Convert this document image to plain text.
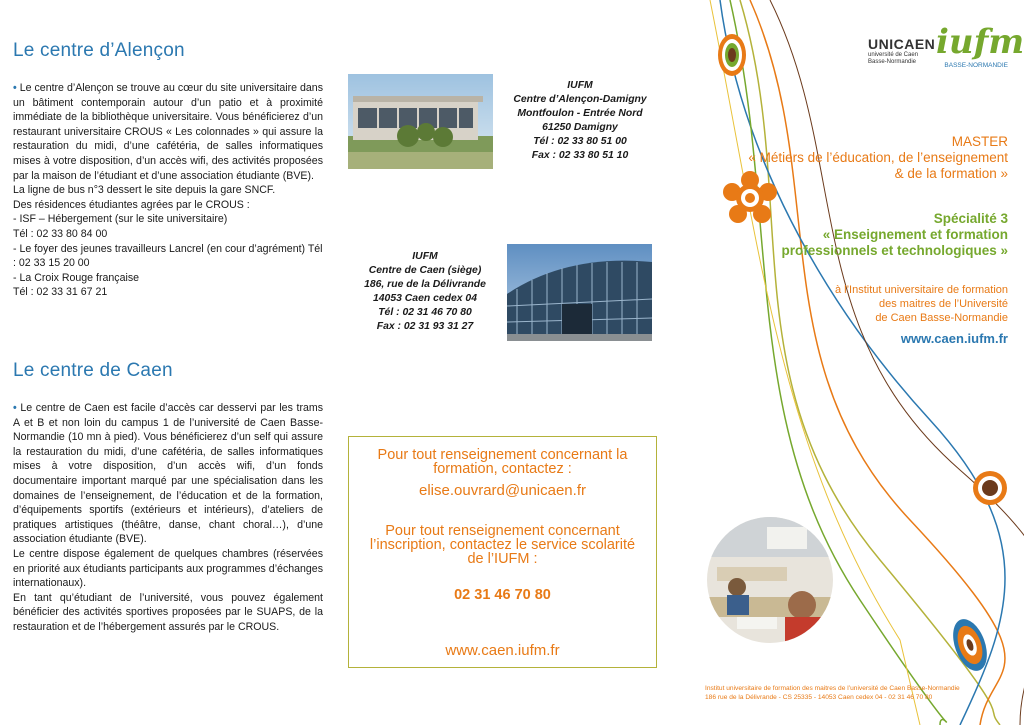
Le centre d’Alençon

• Le centre d’Alençon se trouve au cœur du site universitaire dans un bâtiment contemporain autour d’un patio et à proximité immédiate de la bibliothèque universitaire. Vous bénéficierez d’un restaurant universitaire CROUS « Les colonnades » qui assure la restauration du midi, d’une cafétéria, de salles informatiques mises à votre disposition, d’un accès wifi, des activités proposées par la maison de l’étudiant et d’une association étudiante (BVE).

La ligne de bus n°3 dessert le site depuis la gare SNCF.

Des résidences étudiantes agrées par le CROUS :

- ISF – Hébergement (sur le site universitaire)

Tél : 02 33 80 84 00

- Le foyer des jeunes travailleurs Lancrel (en cour d’agrément) Tél : 02 33 15 20 00

- La Croix Rouge française

Tél : 02 33 31 67 21

Le centre de Caen

• Le centre de Caen est facile d’accès car desservi par les trams A et B et non loin du campus 1 de l’université de Caen Basse-Normandie (10 mn à pied). Vous bénéficierez d’un self qui assure la restauration du midi, d’une cafétéria, de salles informatiques mises à votre disposition, d’un accès wifi, d’un fonds documentaire important marqué par une spécialisation dans les domaines de l’enseignement, de l’éducation et de la formation, d’équipements sportifs (extérieurs et intérieurs), d’ateliers de pratiques artistiques (théâtre, danse, chant choral…), d’une association étudiante (BVE).

Le centre dispose également de quelques chambres (réservées en priorité aux étudiants participants aux programmes d’échanges internationaux).

En tant qu’étudiant de l’université, vous pouvez également bénéficier des activités sportives proposées par le SUAPS, de la restauration et de l’hébergement assurés par le CROUS.

IUFM
Centre d’Alençon-Damigny
Montfoulon - Entrée Nord
61250 Damigny
Tél : 02 33 80 51 00
Fax : 02 33 80 51 10
IUFM
Centre de Caen (siège)
186, rue de la Délivrande
14053 Caen cedex 04
Tél : 02 31 46 70 80
Fax : 02 31 93 31 27
Pour tout renseignement concernant la formation, contactez :
elise.ouvrard@unicaen.fr
Pour tout renseignement concernant l’inscription, contactez le service scolarité de l’IUFM :
02 31 46 70 80
www.caen.iufm.fr
UNICAEN
université de Caen
Basse-Normandie iufm
BASSE-NORMANDIE
MASTER
« Métiers de l’éducation, de l’enseignement
& de la formation »
Spécialité 3
« Enseignement et formation
professionnels et technologiques »
à l’Institut universitaire de formation
des maitres de l’Université
de Caen Basse-Normandie
www.caen.iufm.fr
Institut universitaire de formation des maitres de l’université de Caen Basse-Normandie
186 rue de la Délivrande - CS 25335 - 14053 Caen cedex 04 - 02 31 46 70 80
